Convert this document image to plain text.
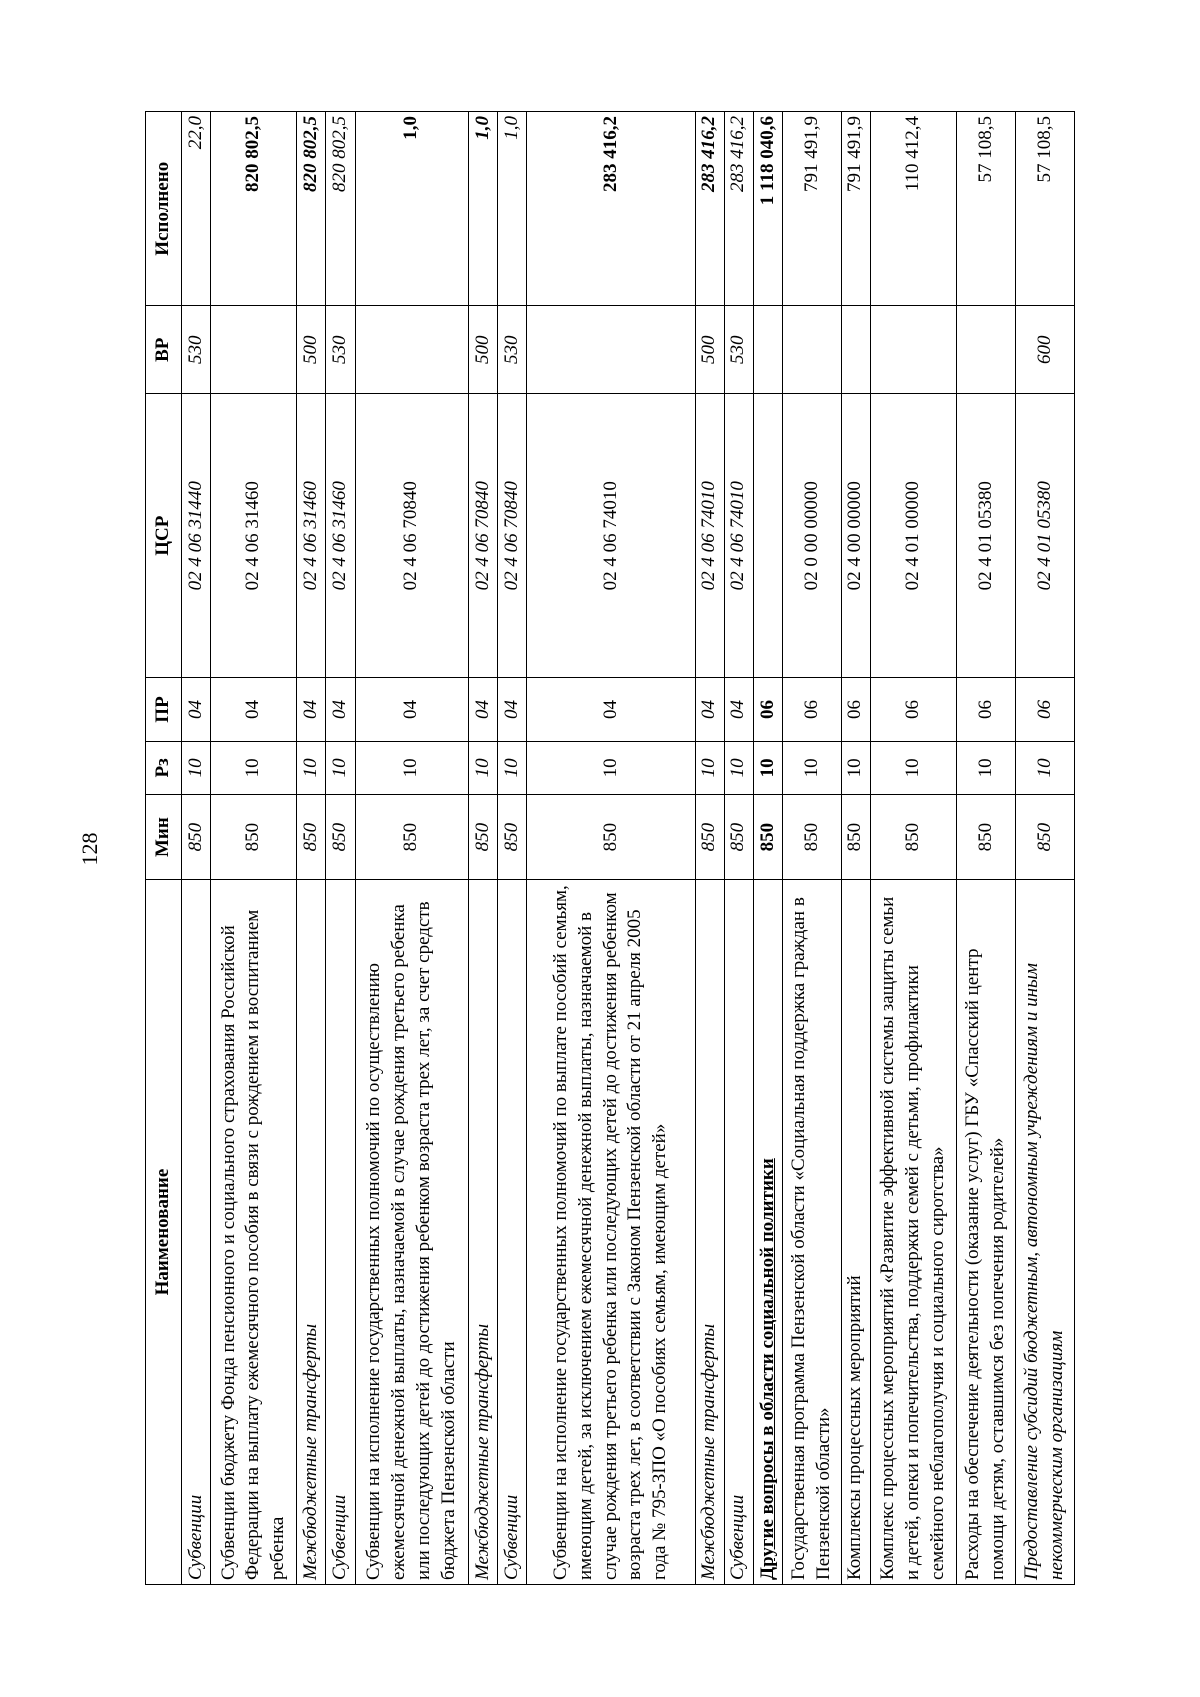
128
Наименование	Мин	Рз	ПР	ЦСР	ВР	Исполнено
Субвенции	850	10	04	02 4 06 31440	530	22,0
Субвенции бюджету Фонда пенсионного и социального страхования Российской Федерации на выплату ежемесячного пособия в связи с рождением и воспитанием ребенка	850	10	04	02 4 06 31460		820 802,5
Межбюджетные трансферты	850	10	04	02 4 06 31460	500	820 802,5
Субвенции	850	10	04	02 4 06 31460	530	820 802,5
Субвенции на исполнение государственных полномочий по осуществлению ежемесячной денежной выплаты, назначаемой в случае рождения третьего ребенка или последующих детей до достижения ребенком возраста трех лет, за счет средств бюджета Пензенской области	850	10	04	02 4 06 70840		1,0
Межбюджетные трансферты	850	10	04	02 4 06 70840	500	1,0
Субвенции	850	10	04	02 4 06 70840	530	1,0
Субвенции на исполнение государственных полномочий по выплате пособий семьям, имеющим детей, за исключением ежемесячной денежной выплаты, назначаемой в случае рождения третьего ребенка или последующих детей до достижения ребенком возраста трех лет, в соответствии с Законом Пензенской области от 21 апреля 2005 года № 795-ЗПО «О пособиях семьям, имеющим детей»	850	10	04	02 4 06 74010		283 416,2
Межбюджетные трансферты	850	10	04	02 4 06 74010	500	283 416,2
Субвенции	850	10	04	02 4 06 74010	530	283 416,2
Другие вопросы в области социальной политики	850	10	06			1 118 040,6
Государственная программа Пензенской области «Социальная поддержка граждан в Пензенской области»	850	10	06	02 0 00 00000		791 491,9
Комплексы процессных мероприятий	850	10	06	02 4 00 00000		791 491,9
Комплекс процессных мероприятий «Развитие эффективной системы защиты семьи и детей, опеки и попечительства, поддержки семей с детьми, профилактики семейного неблагополучия и социального сиротства»	850	10	06	02 4 01 00000		110 412,4
Расходы на обеспечение деятельности (оказание услуг) ГБУ «Спасский центр помощи детям, оставшимся без попечения родителей»	850	10	06	02 4 01 05380		57 108,5
Предоставление субсидий бюджетным, автономным учреждениям и иным некоммерческим организациям	850	10	06	02 4 01 05380	600	57 108,5
